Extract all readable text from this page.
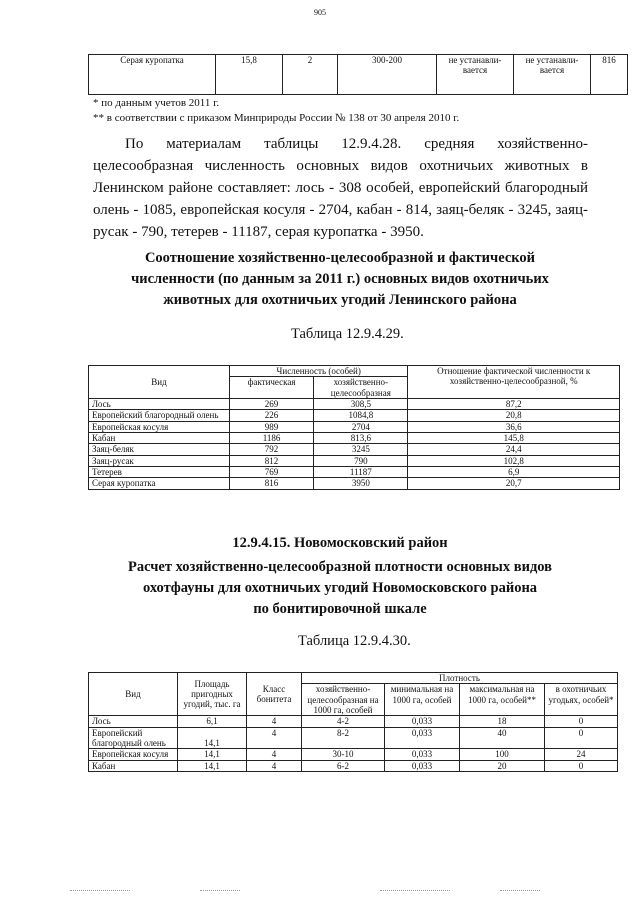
905
Серая куропатка	15,8	2	300-200	не устанавли-вается	не устанавли-вается	816
* по данным учетов 2011 г.
** в соответствии с приказом Минприроды России № 138 от 30 апреля 2010 г.
По материалам таблицы 12.9.4.28. средняя хозяйственно-целесообразная численность основных видов охотничьих животных в Ленинском районе составляет: лось - 308 особей, европейский благородный олень - 1085, европейская косуля - 2704, кабан - 814, заяц-беляк - 3245, заяц-русак - 790, тетерев - 11187, серая куропатка - 3950.
Соотношение хозяйственно-целесообразной и фактической
численности (по данным за 2011 г.) основных видов охотничьих
животных для охотничьих угодий Ленинского района
Таблица 12.9.4.29.
Вид	Численность (особей)		Отношение фактической численности к хозяйственно-целесообразной, %
	фактическая	хозяйственно-целесообразная	
Лось	269	308,5	87,2
Европейский благородный олень	226	1084,8	20,8
Европейская косуля	989	2704	36,6
Кабан	1186	813,6	145,8
Заяц-беляк	792	3245	24,4
Заяц-русак	812	790	102,8
Тетерев	769	11187	6,9
Серая куропатка	816	3950	20,7
12.9.4.15. Новомосковский район
Расчет хозяйственно-целесообразной плотности основных видов
охотфауны для охотничьих угодий Новомосковского района
по бонитировочной шкале
Таблица 12.9.4.30.
Вид	Площадь пригодных угодий, тыс. га	Класс бонитета	Плотность			
			хозяйственно-целесообразная на 1000 га, особей	минимальная на 1000 га, особей	максимальная на 1000 га, особей**	в охотничьих угодьях, особей*
Лось	6,1	4	4-2	0,033	18	0
Европейский благородный олень	14,1	4	8-2	0,033	40	0
Европейская косуля	14,1	4	30-10	0,033	100	24
Кабан	14,1	4	6-2	0,033	20	0
